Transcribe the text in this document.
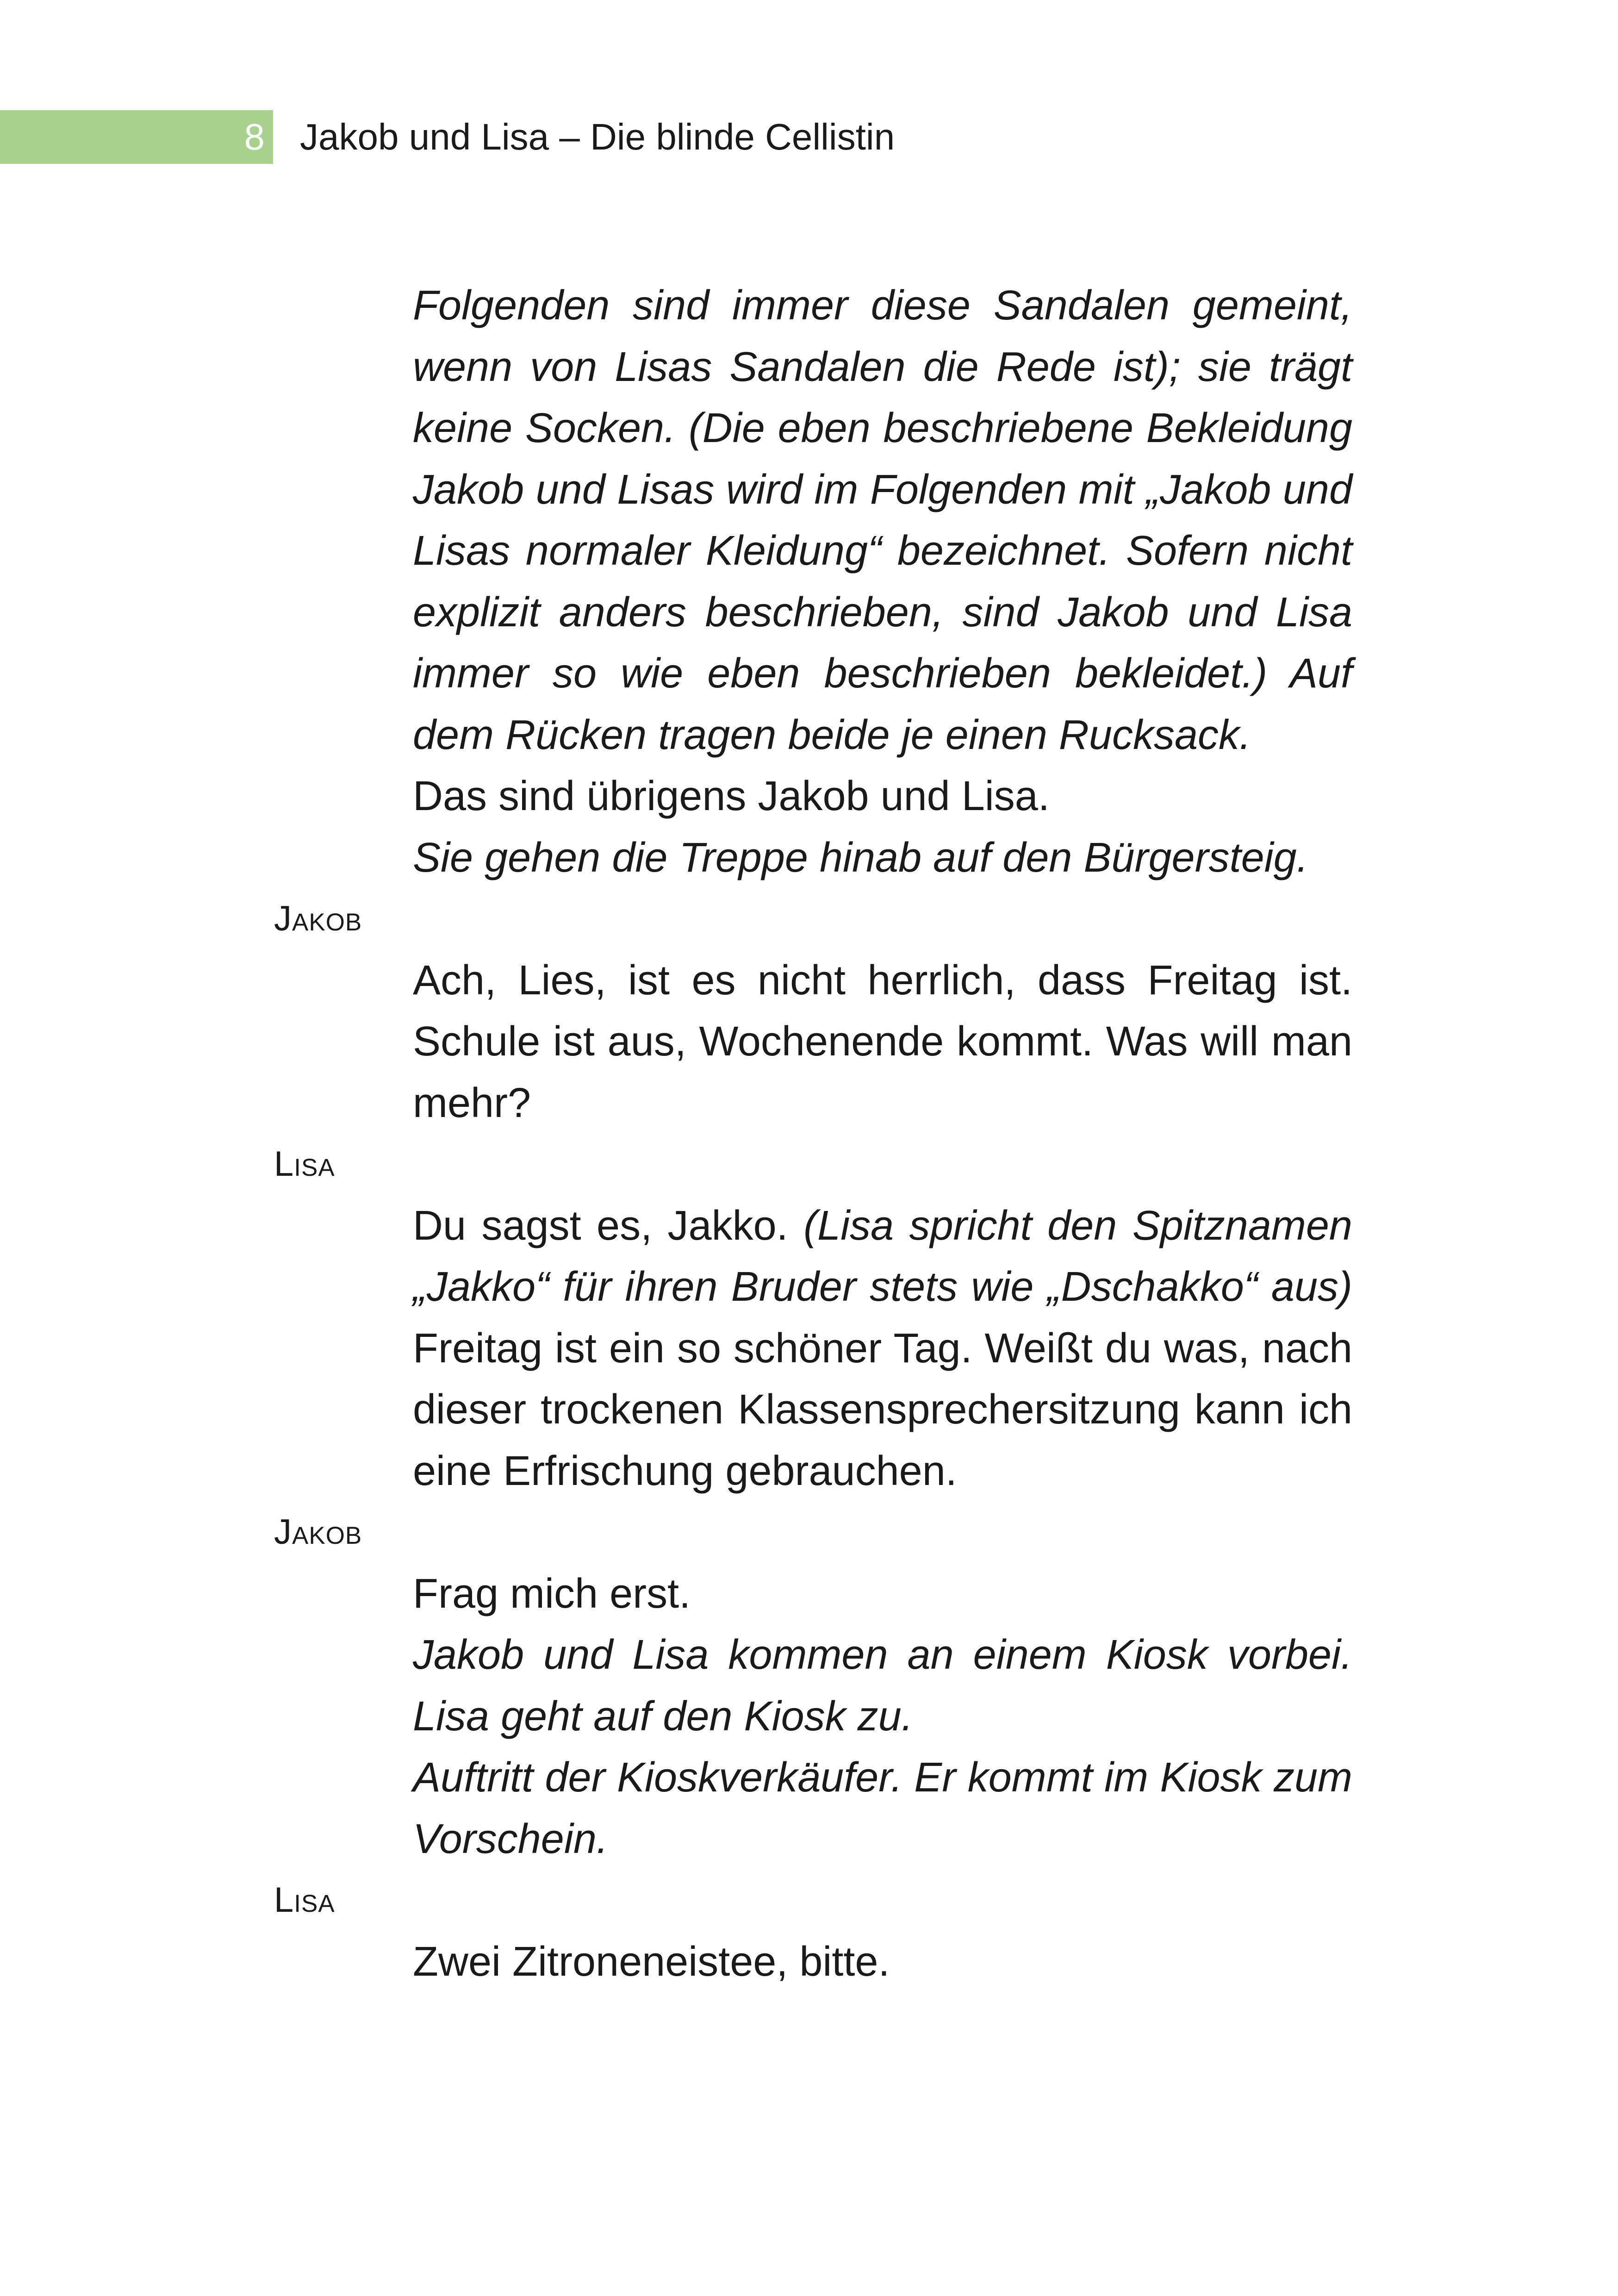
8 Jakob und Lisa – Die blinde Cellistin
Folgenden sind immer diese Sandalen gemeint, wenn von Lisas Sandalen die Rede ist); sie trägt keine Socken. (Die eben beschriebene Bekleidung Jakob und Lisas wird im Folgenden mit „Jakob und Lisas normaler Kleidung“ bezeichnet. Sofern nicht explizit anders beschrieben, sind Jakob und Lisa immer so wie eben beschrieben bekleidet.) Auf dem Rücken tragen beide je einen Rucksack.
Das sind übrigens Jakob und Lisa.
Sie gehen die Treppe hinab auf den Bürgersteig.
Jakob
Ach, Lies, ist es nicht herrlich, dass Freitag ist. Schule ist aus, Wochenende kommt. Was will man mehr?
Lisa
Du sagst es, Jakko. (Lisa spricht den Spitznamen „Jakko“ für ihren Bruder stets wie „Dschakko“ aus) Freitag ist ein so schöner Tag. Weißt du was, nach dieser trockenen Klassensprechersitzung kann ich eine Erfrischung gebrauchen.
Jakob
Frag mich erst.
Jakob und Lisa kommen an einem Kiosk vorbei. Lisa geht auf den Kiosk zu.
Auftritt der Kioskverkäufer. Er kommt im Kiosk zum Vorschein.
Lisa
Zwei Zitroneneistee, bitte.
